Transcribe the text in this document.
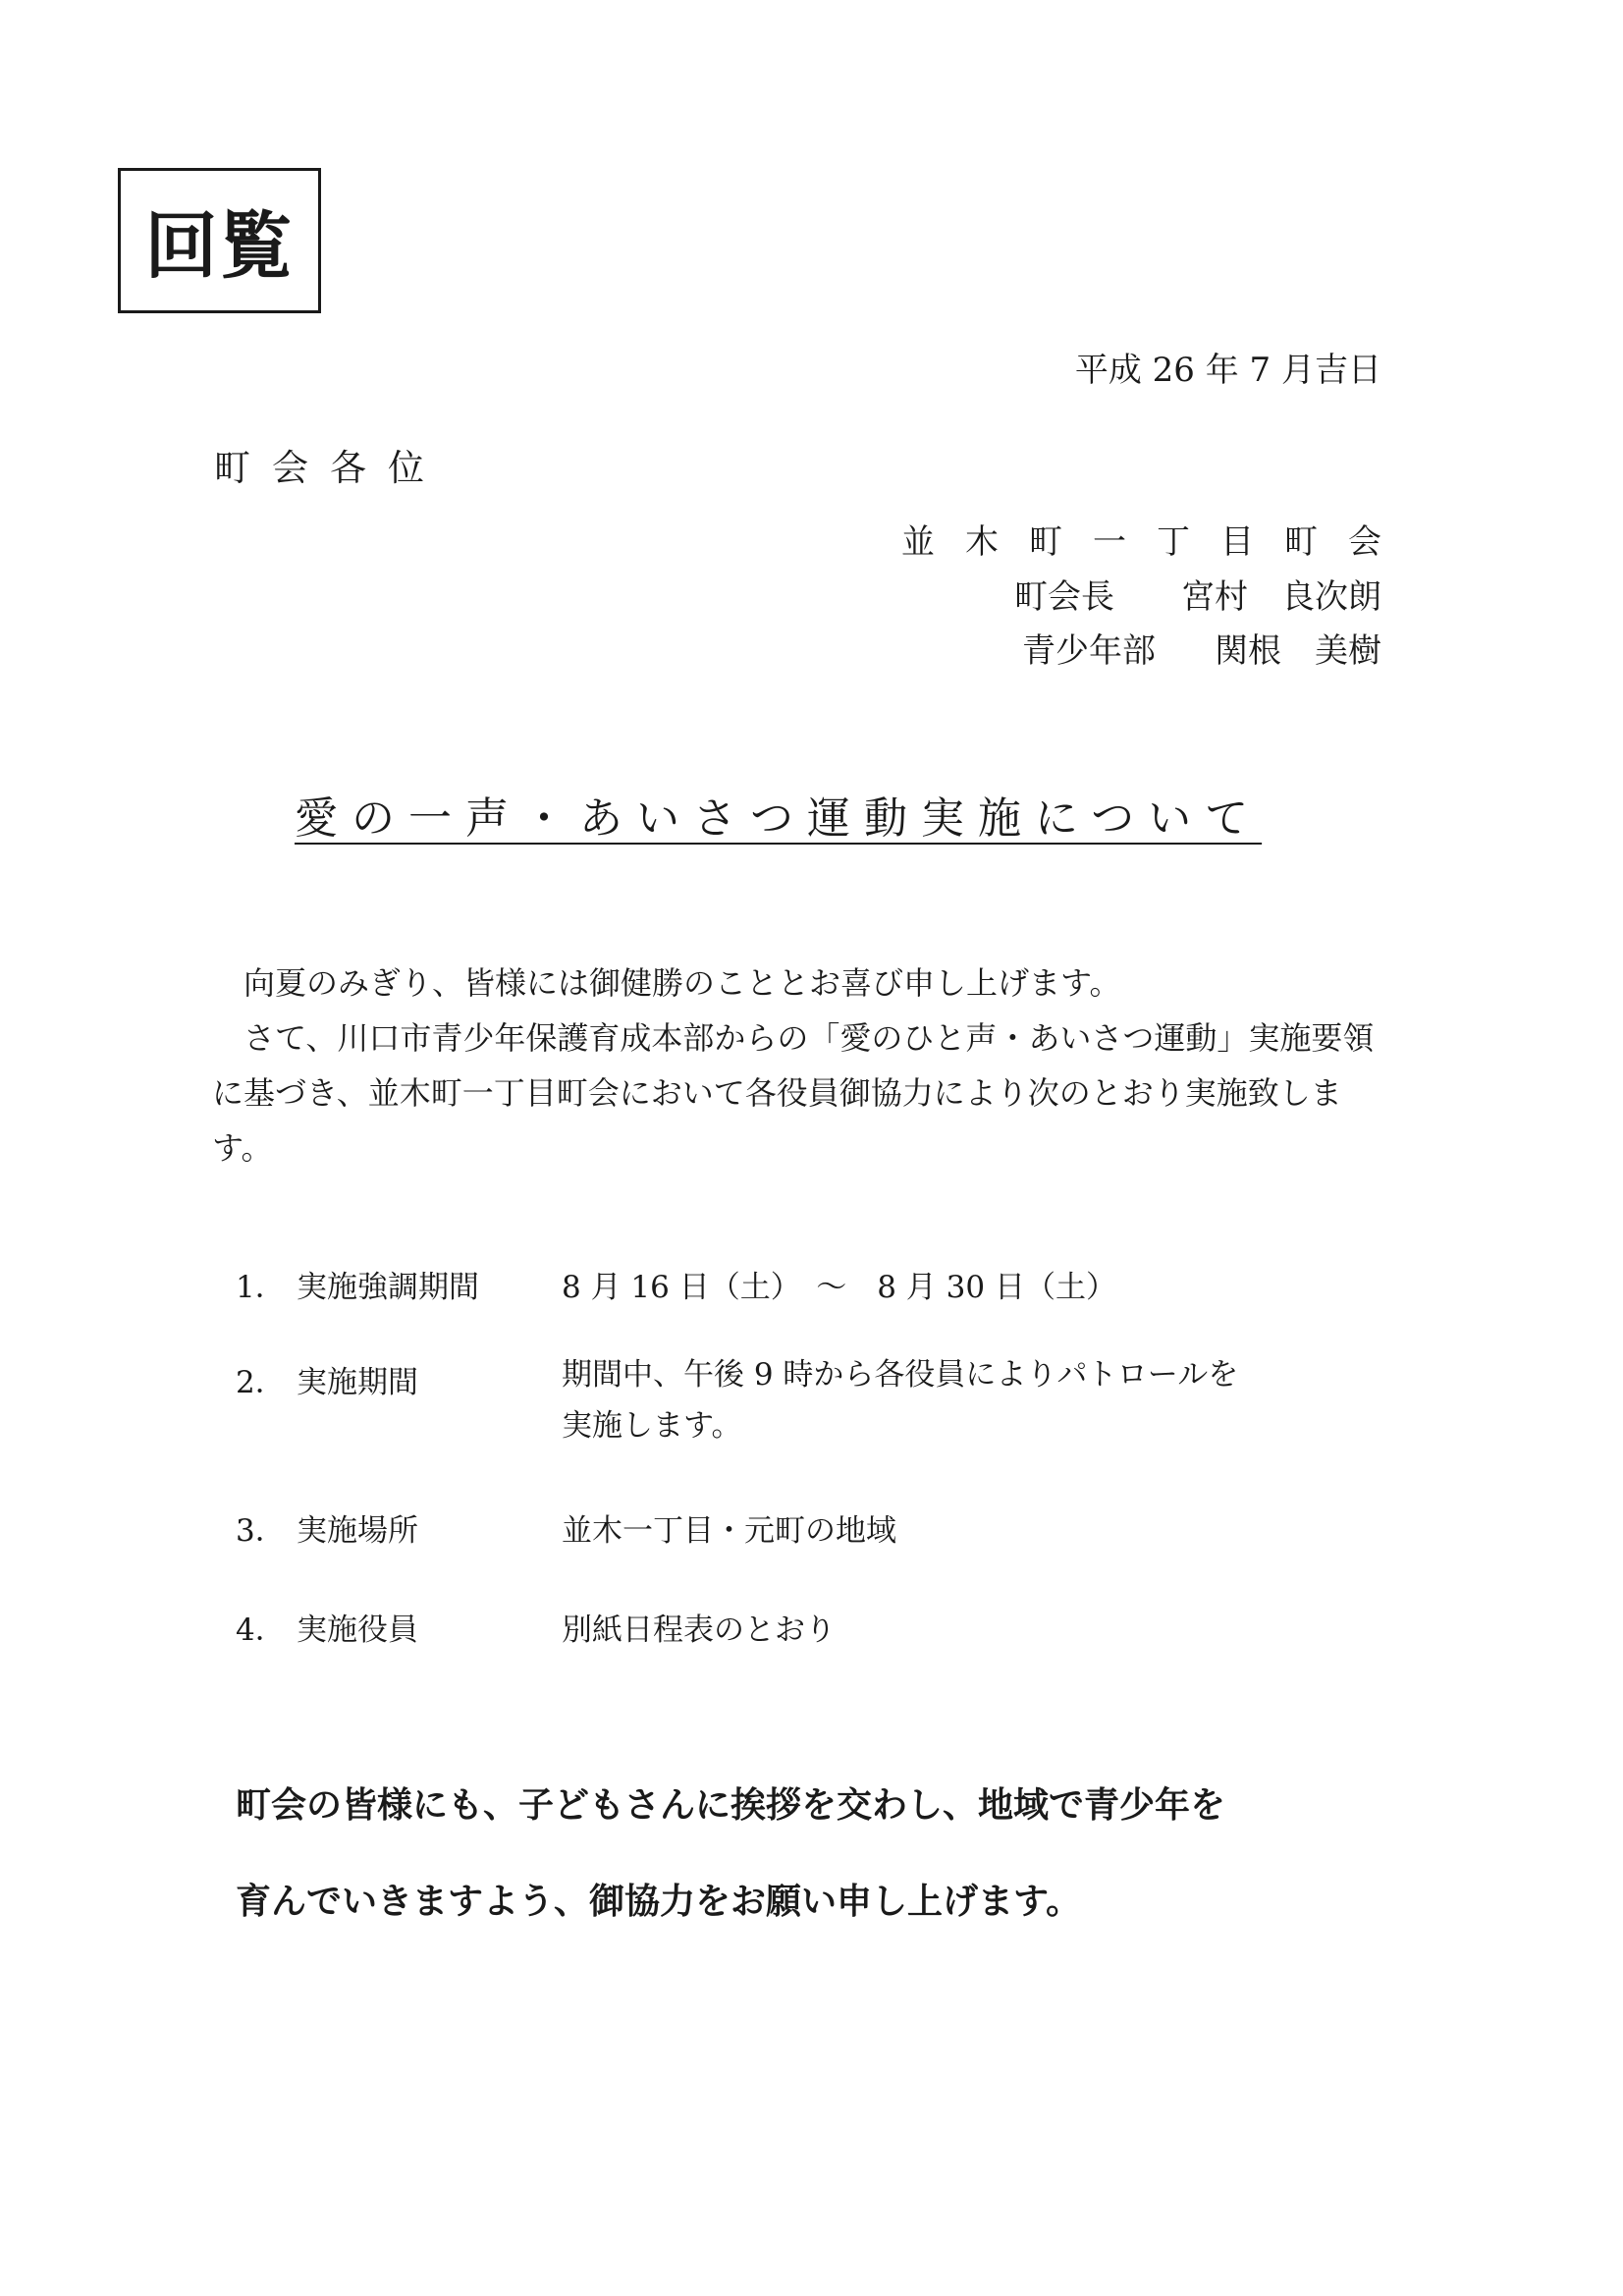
回覧
平成 26 年 7 月吉日
町会各位
並木町一丁目町会
町会長	宮村　良次朗
青少年部	関根　美樹
愛の一声・あいさつ運動実施について

向夏のみぎり、皆様には御健勝のこととお喜び申し上げます。

さて、川口市青少年保護育成本部からの「愛のひと声・あいさつ運動」実施要領に基づき、並木町一丁目町会において各役員御協力により次のとおり実施致します。

1． 実施強調期間	8 月 16 日（土）　～　8 月 30 日（土）
2． 実施期間	期間中、午後 9 時から各役員によりパトロールを
実施します。
3． 実施場所	並木一丁目・元町の地域
4． 実施役員	別紙日程表のとおり
町会の皆様にも、子どもさんに挨拶を交わし、地域で青少年を
育んでいきますよう、御協力をお願い申し上げます。
